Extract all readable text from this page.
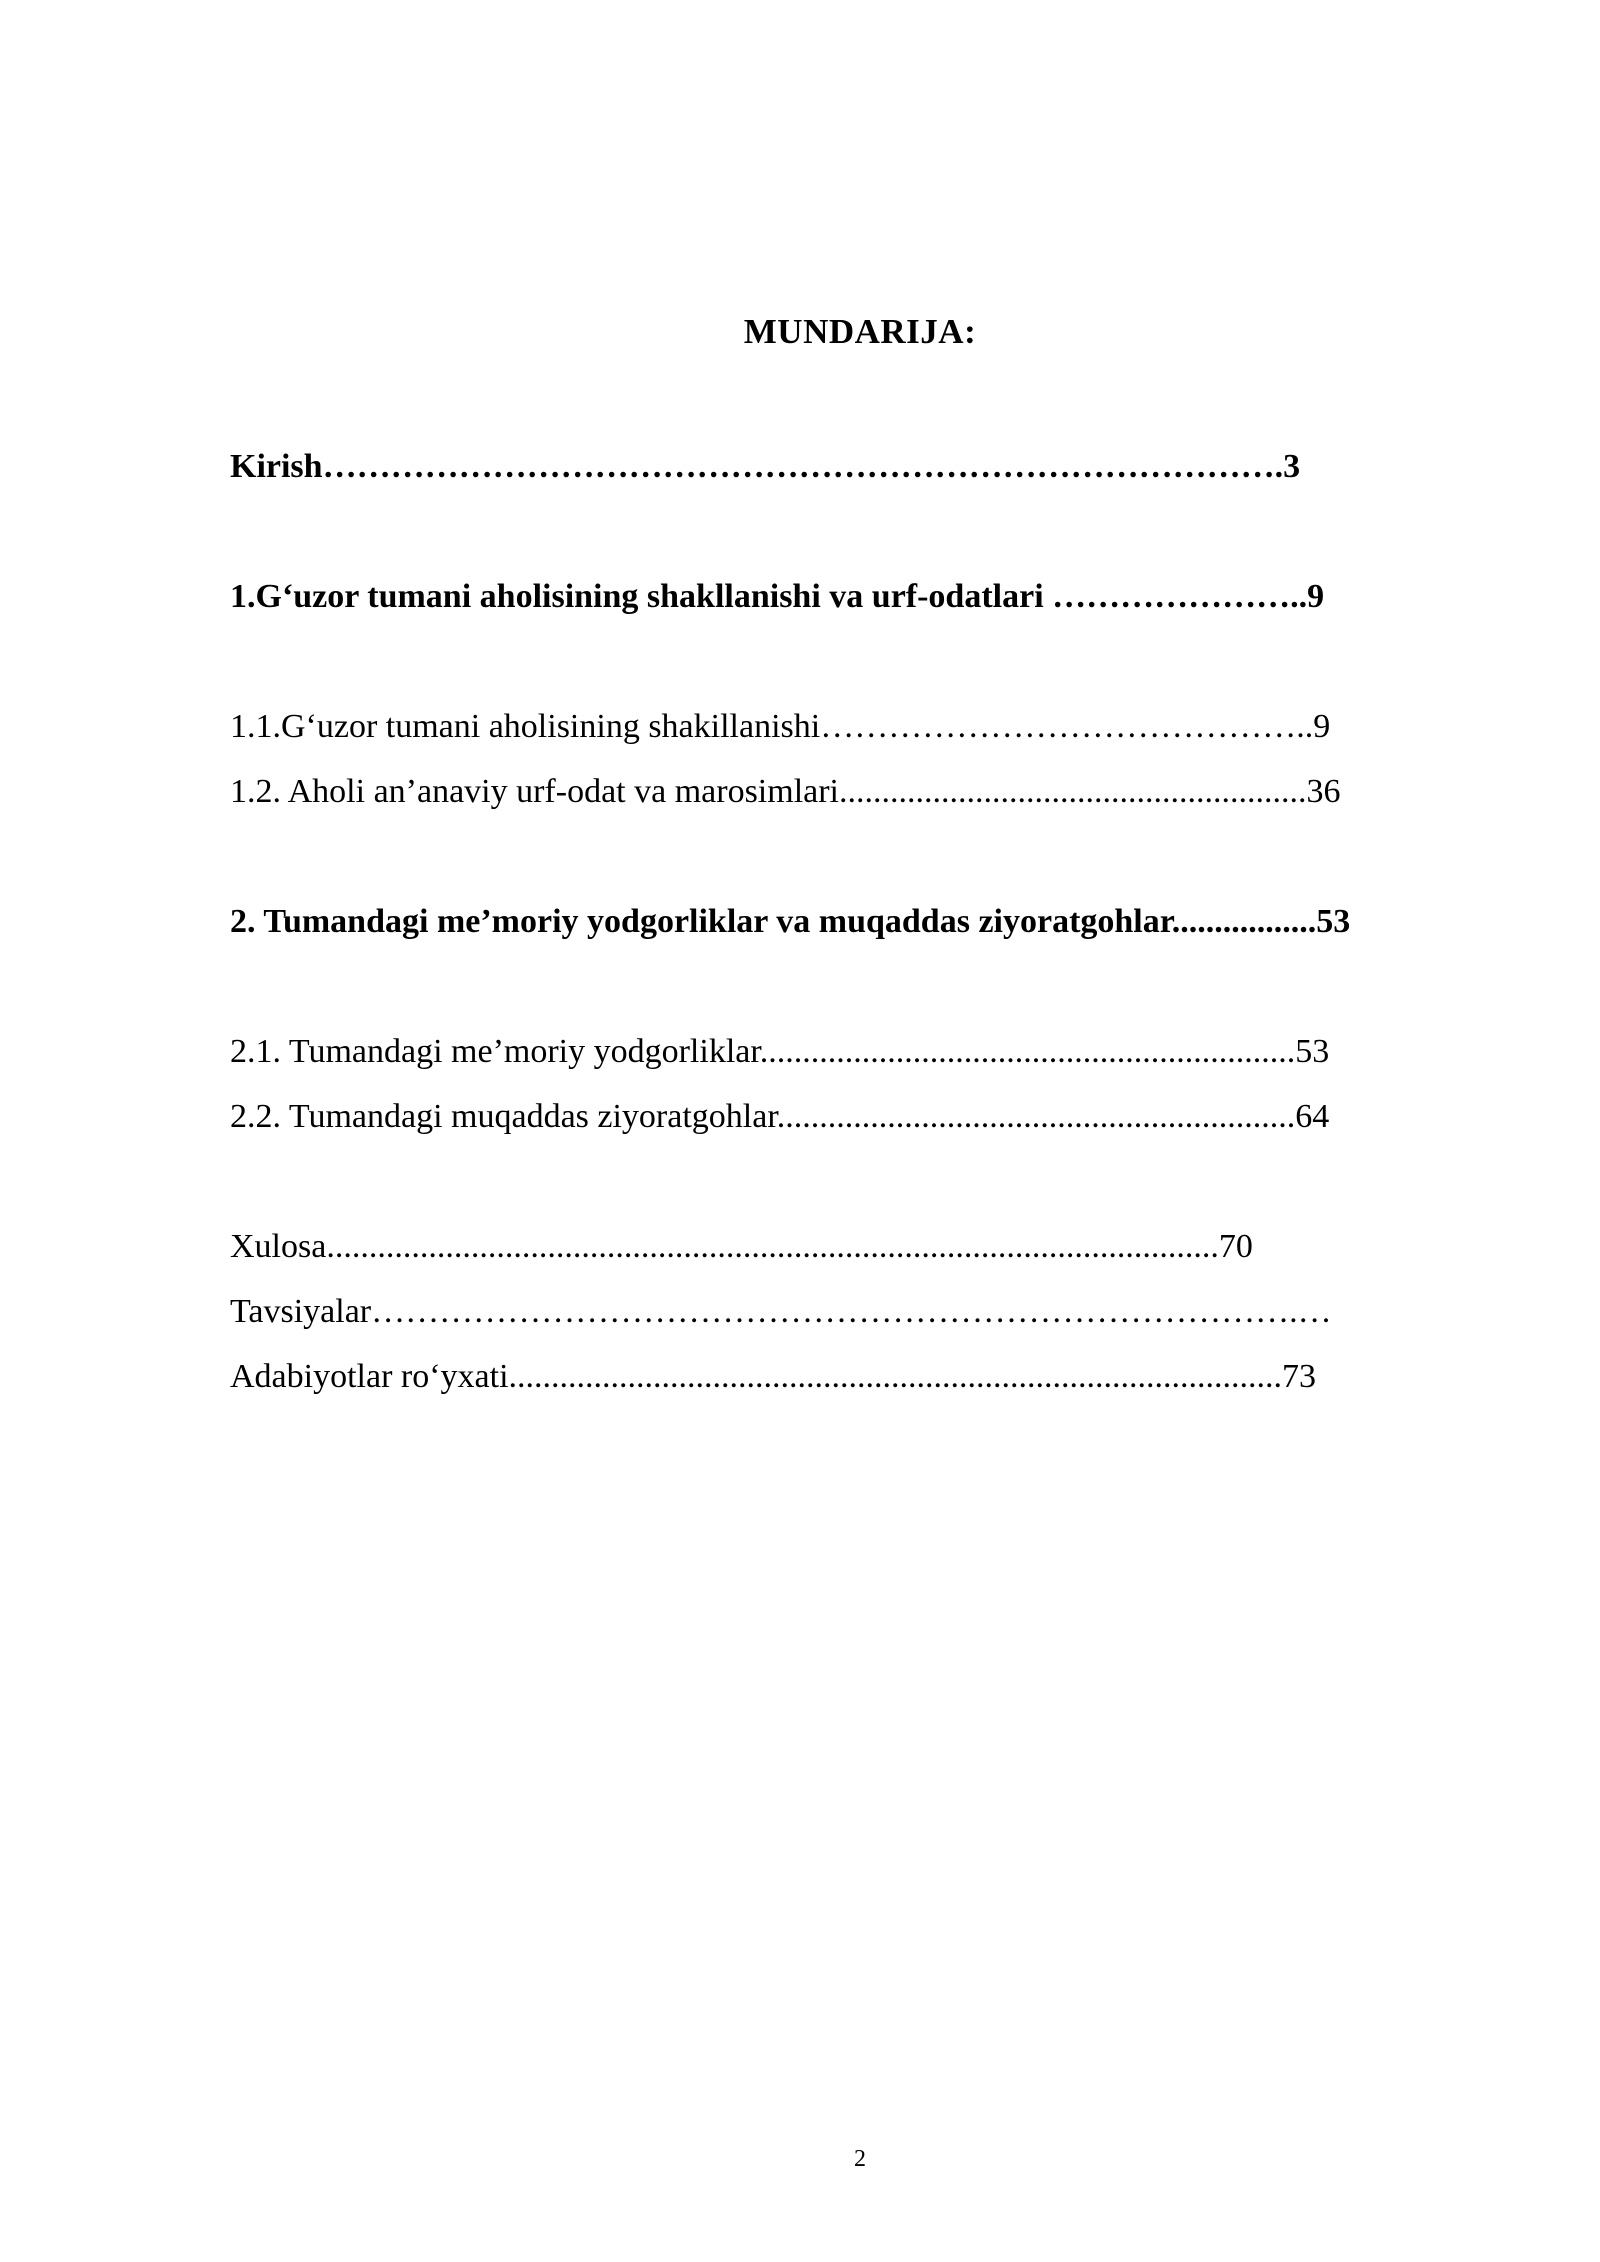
MUNDARIJA:
Kirish………………………………………………………………………….3
1.G‘uzor tumani aholisining shakllanishi va urf-odatlari …………………..9
1.1.G‘uzor tumani aholisining shakillanishi……………………………………..9
1.2. Aholi an’anaviy urf-odat va marosimlari.......................................................36
2. Tumandagi me’moriy yodgorliklar va muqaddas ziyoratgohlar.................53
2.1. Tumandagi me’moriy yodgorliklar...............................................................53
2.2. Tumandagi muqaddas ziyoratgohlar.............................................................64
Xulosa.........................................................................................................70
Tavsiyalar……………………………………………………………………….…
Adabiyotlar ro‘yxati...........................................................................................73
2
